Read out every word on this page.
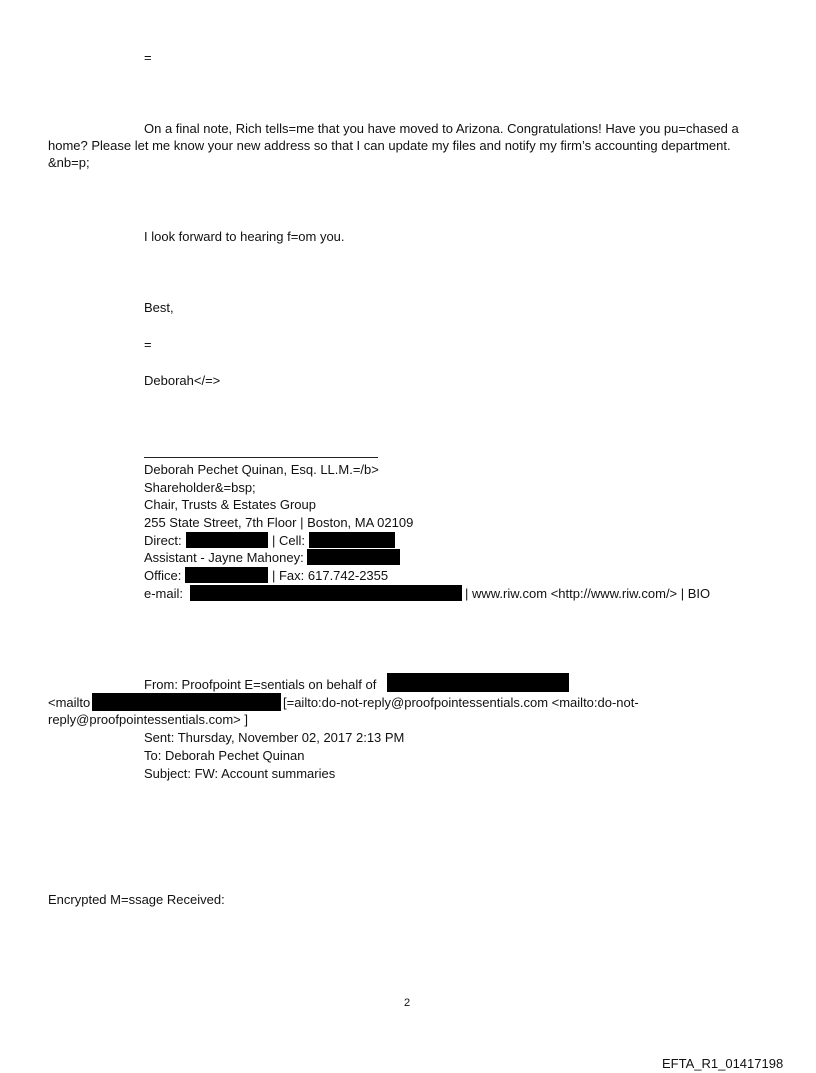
=
On a final note, Rich tells=me that you have moved to Arizona. Congratulations! Have you pu=chased a
home? Please let me know your new address so that I can update my files and notify my firm’s accounting department.
&nb=p;
I look forward to hearing f=om you.
Best,
=
Deborah</=>
Deborah Pechet Quinan, Esq. LL.M.=/b>
Shareholder&=bsp;
Chair, Trusts & Estates Group
255 State Street, 7th Floor | Boston, MA 02109
Direct:	| Cell:
Assistant - Jayne Mahoney:
Office:	| Fax: 617.742-2355
e-mail:	| www.riw.com <http://www.riw.com/> | BIO
From: Proofpoint E=sentials on behalf of
<mailto	[=ailto:do-not-reply@proofpointessentials.com <mailto:do-not-
reply@proofpointessentials.com> ]
Sent: Thursday, November 02, 2017 2:13 PM
To: Deborah Pechet Quinan
Subject: FW: Account summaries
Encrypted M=ssage Received:
2
EFTA_R1_01417198
